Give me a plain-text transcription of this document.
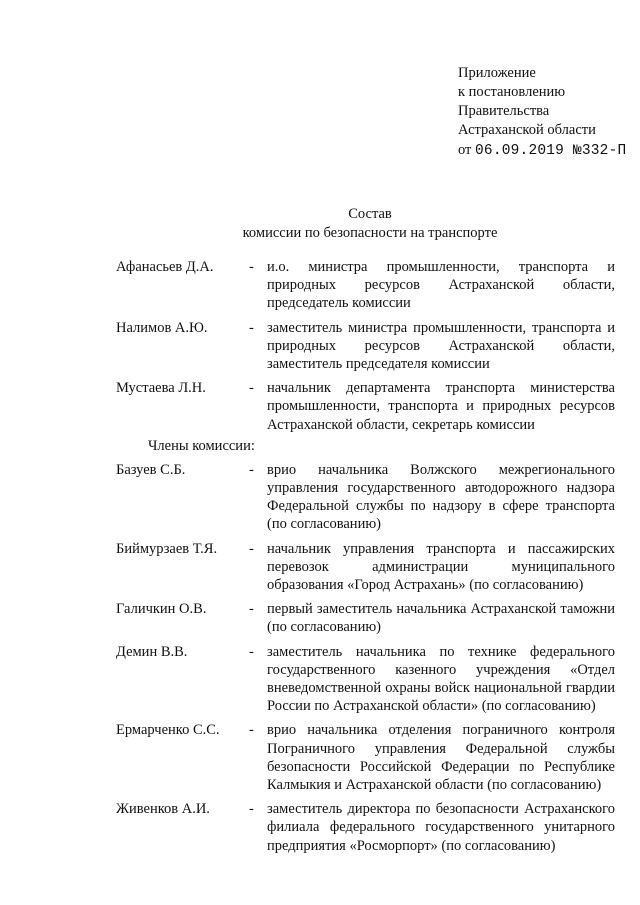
Приложение
к постановлению
Правительства
Астраханской области
от 06.09.2019 №332-П
Состав
комиссии по безопасности на транспорте
Афанасьев Д.А.	- и.о. министра промышленности, транспорта и природных ресурсов Астраханской области, председатель комиссии
Налимов А.Ю.	- заместитель министра промышленности, транспорта и природных ресурсов Астраханской области, заместитель председателя комиссии
Мустаева Л.Н.	- начальник департамента транспорта министерства промышленности, транспорта и природных ресурсов Астраханской области, секретарь комиссии
Члены комиссии:
Базуев С.Б.	- врио начальника Волжского межрегионального управления государственного автодорожного надзора Федеральной службы по надзору в сфере транспорта (по согласованию)
Биймурзаев Т.Я.	- начальник управления транспорта и пассажирских перевозок администрации муниципального образования «Город Астрахань» (по согласованию)
Галичкин О.В.	- первый заместитель начальника Астраханской таможни (по согласованию)
Демин В.В.	- заместитель начальника по технике федерального государственного казенного учреждения «Отдел вневедомственной охраны войск национальной гвардии России по Астраханской области» (по согласованию)
Ермарченко С.С.	- врио начальника отделения пограничного контроля Пограничного управления Федеральной службы безопасности Российской Федерации по Республике Калмыкия и Астраханской области (по согласованию)
Живенков А.И.	- заместитель директора по безопасности Астраханского филиала федерального государственного унитарного предприятия «Росморпорт» (по согласованию)
